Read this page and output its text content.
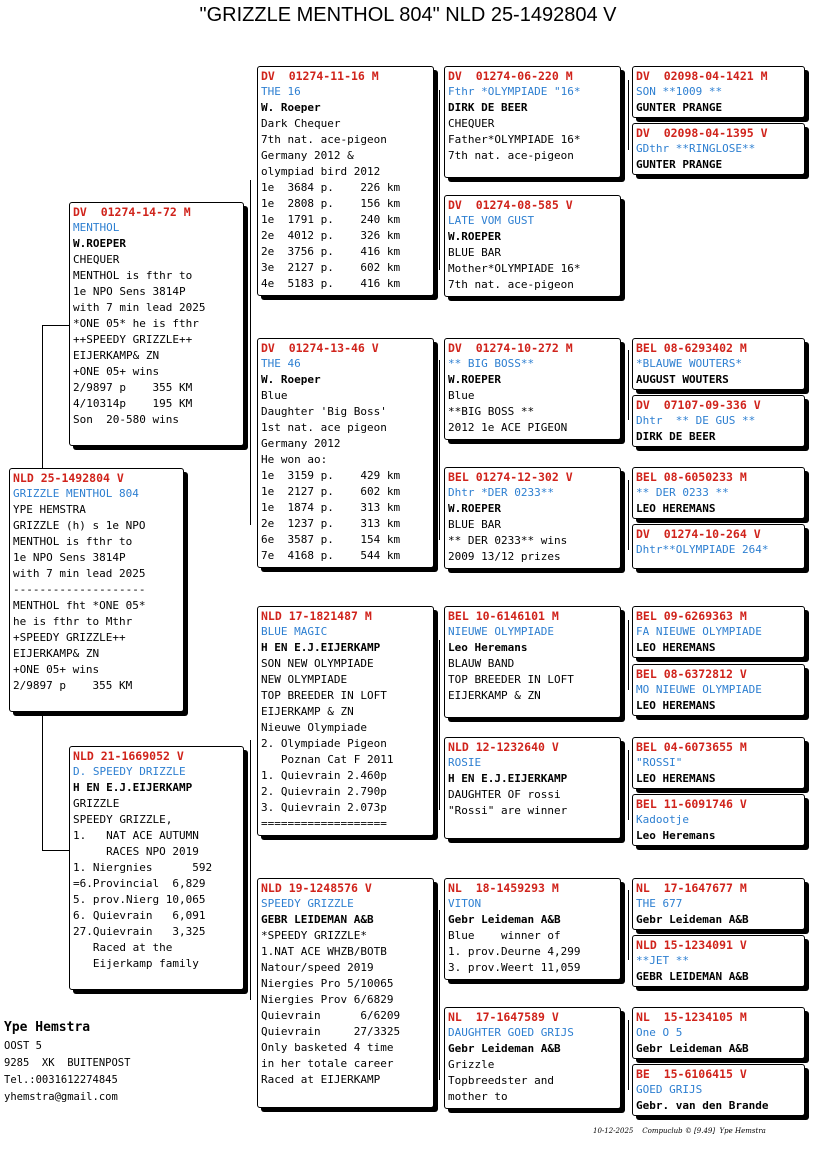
"GRIZZLE MENTHOL 804" NLD 25-1492804 V
NLD 25-1492804 V
GRIZZLE MENTHOL 804
YPE HEMSTRA
GRIZZLE (h) s 1e NPO
MENTHOL is fthr to
1e NPO Sens 3814P
with 7 min lead 2025
--------------------
MENTHOL fht *ONE 05*
he is fthr to Mthr
+SPEEDY GRIZZLE++
EIJERKAMP& ZN
+ONE 05+ wins
2/9897 p    355 KM
DV  01274-14-72 M
MENTHOL
W.ROEPER
CHEQUER
MENTHOL is fthr to
1e NPO Sens 3814P
with 7 min lead 2025
*ONE 05* he is fthr
++SPEEDY GRIZZLE++
EIJERKAMP& ZN
+ONE 05+ wins
2/9897 p    355 KM
4/10314p    195 KM
Son  20-580 wins
NLD 21-1669052 V
D. SPEEDY DRIZZLE
H EN E.J.EIJERKAMP
GRIZZLE
SPEEDY GRIZZLE,
1.   NAT ACE AUTUMN
RACES NPO 2019
1. Niergnies      592
=6.Provincial  6,829
5. prov.Nierg 10,065
6. Quievrain   6,091
27.Quievrain   3,325
Raced at the
Eijerkamp family
DV  01274-11-16 M
THE 16
W. Roeper
Dark Chequer
7th nat. ace-pigeon
Germany 2012 &
olympiad bird 2012
1e  3684 p.    226 km
1e  2808 p.    156 km
1e  1791 p.    240 km
2e  4012 p.    326 km
2e  3756 p.    416 km
3e  2127 p.    602 km
4e  5183 p.    416 km
DV  01274-13-46 V
THE 46
W. Roeper
Blue
Daughter 'Big Boss'
1st nat. ace pigeon
Germany 2012
He won ao:
1e  3159 p.    429 km
1e  2127 p.    602 km
1e  1874 p.    313 km
2e  1237 p.    313 km
6e  3587 p.    154 km
7e  4168 p.    544 km
NLD 17-1821487 M
BLUE MAGIC
H EN E.J.EIJERKAMP
SON NEW OLYMPIADE
NEW OLYMPIADE
TOP BREEDER IN LOFT
EIJERKAMP & ZN
Nieuwe Olympiade
2. Olympiade Pigeon
Poznan Cat F 2011
1. Quievrain 2.460p
2. Quievrain 2.790p
3. Quievrain 2.073p
===================
NLD 19-1248576 V
SPEEDY GRIZZLE
GEBR LEIDEMAN A&B
*SPEEDY GRIZZLE*
1.NAT ACE WHZB/BOTB
Natour/speed 2019
Niergies Pro 5/10065
Niergies Prov 6/6829
Quievrain      6/6209
Quievrain     27/3325
Only basketed 4 time
in her totale career
Raced at EIJERKAMP
DV  01274-06-220 M
Fthr *OLYMPIADE "16*
DIRK DE BEER
CHEQUER
Father*OLYMPIADE 16*
7th nat. ace-pigeon
DV  01274-08-585 V
LATE VOM GUST
W.ROEPER
BLUE BAR
Mother*OLYMPIADE 16*
7th nat. ace-pigeon
DV  01274-10-272 M
** BIG BOSS**
W.ROEPER
Blue
**BIG BOSS **
2012 1e ACE PIGEON
BEL 01274-12-302 V
Dhtr *DER 0233**
W.ROEPER
BLUE BAR
** DER 0233** wins
2009 13/12 prizes
BEL 10-6146101 M
NIEUWE OLYMPIADE
Leo Heremans
BLAUW BAND
TOP BREEDER IN LOFT
EIJERKAMP & ZN
NLD 12-1232640 V
ROSIE
H EN E.J.EIJERKAMP
DAUGHTER OF rossi
"Rossi" are winner
NL  18-1459293 M
VITON
Gebr Leideman A&B
Blue    winner of
1. prov.Deurne 4,299
3. prov.Weert 11,059
NL  17-1647589 V
DAUGHTER GOED GRIJS
Gebr Leideman A&B
Grizzle
Topbreedster and
mother to
DV  02098-04-1421 M
SON **1009 **
GUNTER PRANGE
DV  02098-04-1395 V
GDthr **RINGLOSE**
GUNTER PRANGE
BEL 08-6293402 M
*BLAUWE WOUTERS*
AUGUST WOUTERS
DV  07107-09-336 V
Dhtr  ** DE GUS **
DIRK DE BEER
BEL 08-6050233 M
** DER 0233 **
LEO HEREMANS
DV  01274-10-264 V
Dhtr**OLYMPIADE 264*
BEL 09-6269363 M
FA NIEUWE OLYMPIADE
LEO HEREMANS
BEL 08-6372812 V
MO NIEUWE OLYMPIADE
LEO HEREMANS
BEL 04-6073655 M
"ROSSI"
LEO HEREMANS
BEL 11-6091746 V
Kadootje
Leo Heremans
NL  17-1647677 M
THE 677
Gebr Leideman A&B
NLD 15-1234091 V
**JET **
GEBR LEIDEMAN A&B
NL  15-1234105 M
One O 5
Gebr Leideman A&B
BE  15-6106415 V
GOED GRIJS
Gebr. van den Brande
Ype Hemstra
OOST 5
9285  XK  BUITENPOST
Tel.:0031612274845
yhemstra@gmail.com
10-12-2025    Compuclub © [9.49]  Ype Hemstra
